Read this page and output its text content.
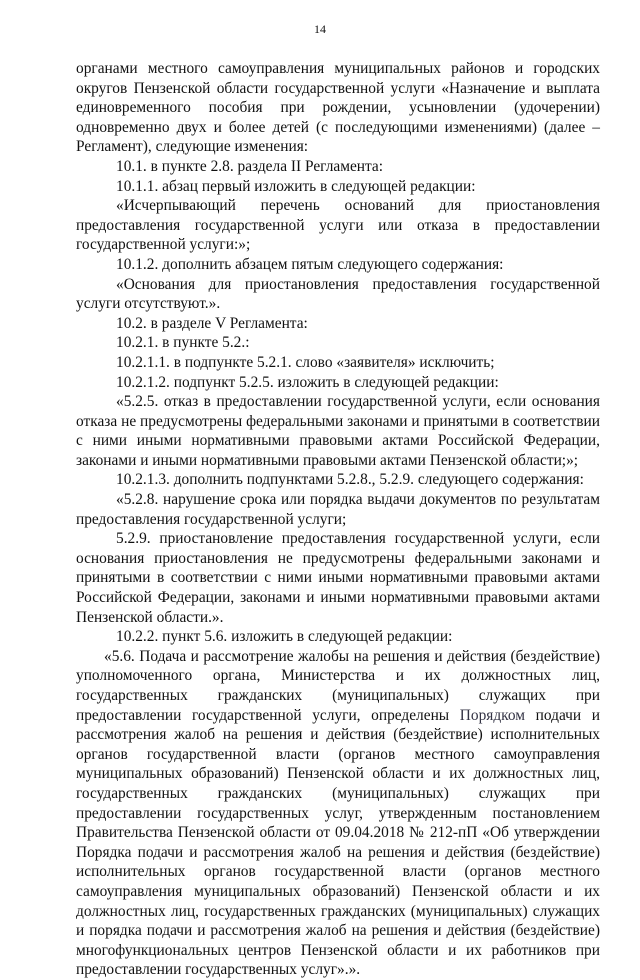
14

органами местного самоуправления муниципальных районов и городских округов Пензенской области государственной услуги «Назначение и выплата единовременного пособия при рождении, усыновлении (удочерении) одновременно двух и более детей (с последующими изменениями) (далее – Регламент), следующие изменения:

10.1. в пункте 2.8. раздела II Регламента:

10.1.1. абзац первый изложить в следующей редакции:

«Исчерпывающий перечень оснований для приостановления предоставления государственной услуги или отказа в предоставлении государственной услуги:»;

10.1.2. дополнить абзацем пятым следующего содержания:

«Основания для приостановления предоставления государственной услуги отсутствуют.».

10.2. в разделе V Регламента:

10.2.1. в пункте 5.2.:

10.2.1.1. в подпункте 5.2.1. слово «заявителя» исключить;

10.2.1.2. подпункт 5.2.5. изложить в следующей редакции:

«5.2.5. отказ в предоставлении государственной услуги, если основания отказа не предусмотрены федеральными законами и принятыми в соответствии с ними иными нормативными правовыми актами Российской Федерации, законами и иными нормативными правовыми актами Пензенской области;»;

10.2.1.3. дополнить подпунктами 5.2.8., 5.2.9. следующего содержания:

«5.2.8. нарушение срока или порядка выдачи документов по результатам предоставления государственной услуги;

5.2.9. приостановление предоставления государственной услуги, если основания приостановления не предусмотрены федеральными законами и принятыми в соответствии с ними иными нормативными правовыми актами Российской Федерации, законами и иными нормативными правовыми актами Пензенской области.».

10.2.2. пункт 5.6. изложить в следующей редакции:

«5.6. Подача и рассмотрение жалобы на решения и действия (бездействие) уполномоченного органа, Министерства и их должностных лиц, государственных гражданских (муниципальных) служащих при предоставлении государственной услуги, определены Порядком подачи и рассмотрения жалоб на решения и действия (бездействие) исполнительных органов государственной власти (органов местного самоуправления муниципальных образований) Пензенской области и их должностных лиц, государственных гражданских (муниципальных) служащих при предоставлении государственных услуг, утвержденным постановлением Правительства Пензенской области от 09.04.2018 № 212-пП «Об утверждении Порядка подачи и рассмотрения жалоб на решения и действия (бездействие) исполнительных органов государственной власти (органов местного самоуправления муниципальных образований) Пензенской области и их должностных лиц, государственных гражданских (муниципальных) служащих и порядка подачи и рассмотрения жалоб на решения и действия (бездействие) многофункциональных центров Пензенской области и их работников при предоставлении государственных услуг».».
